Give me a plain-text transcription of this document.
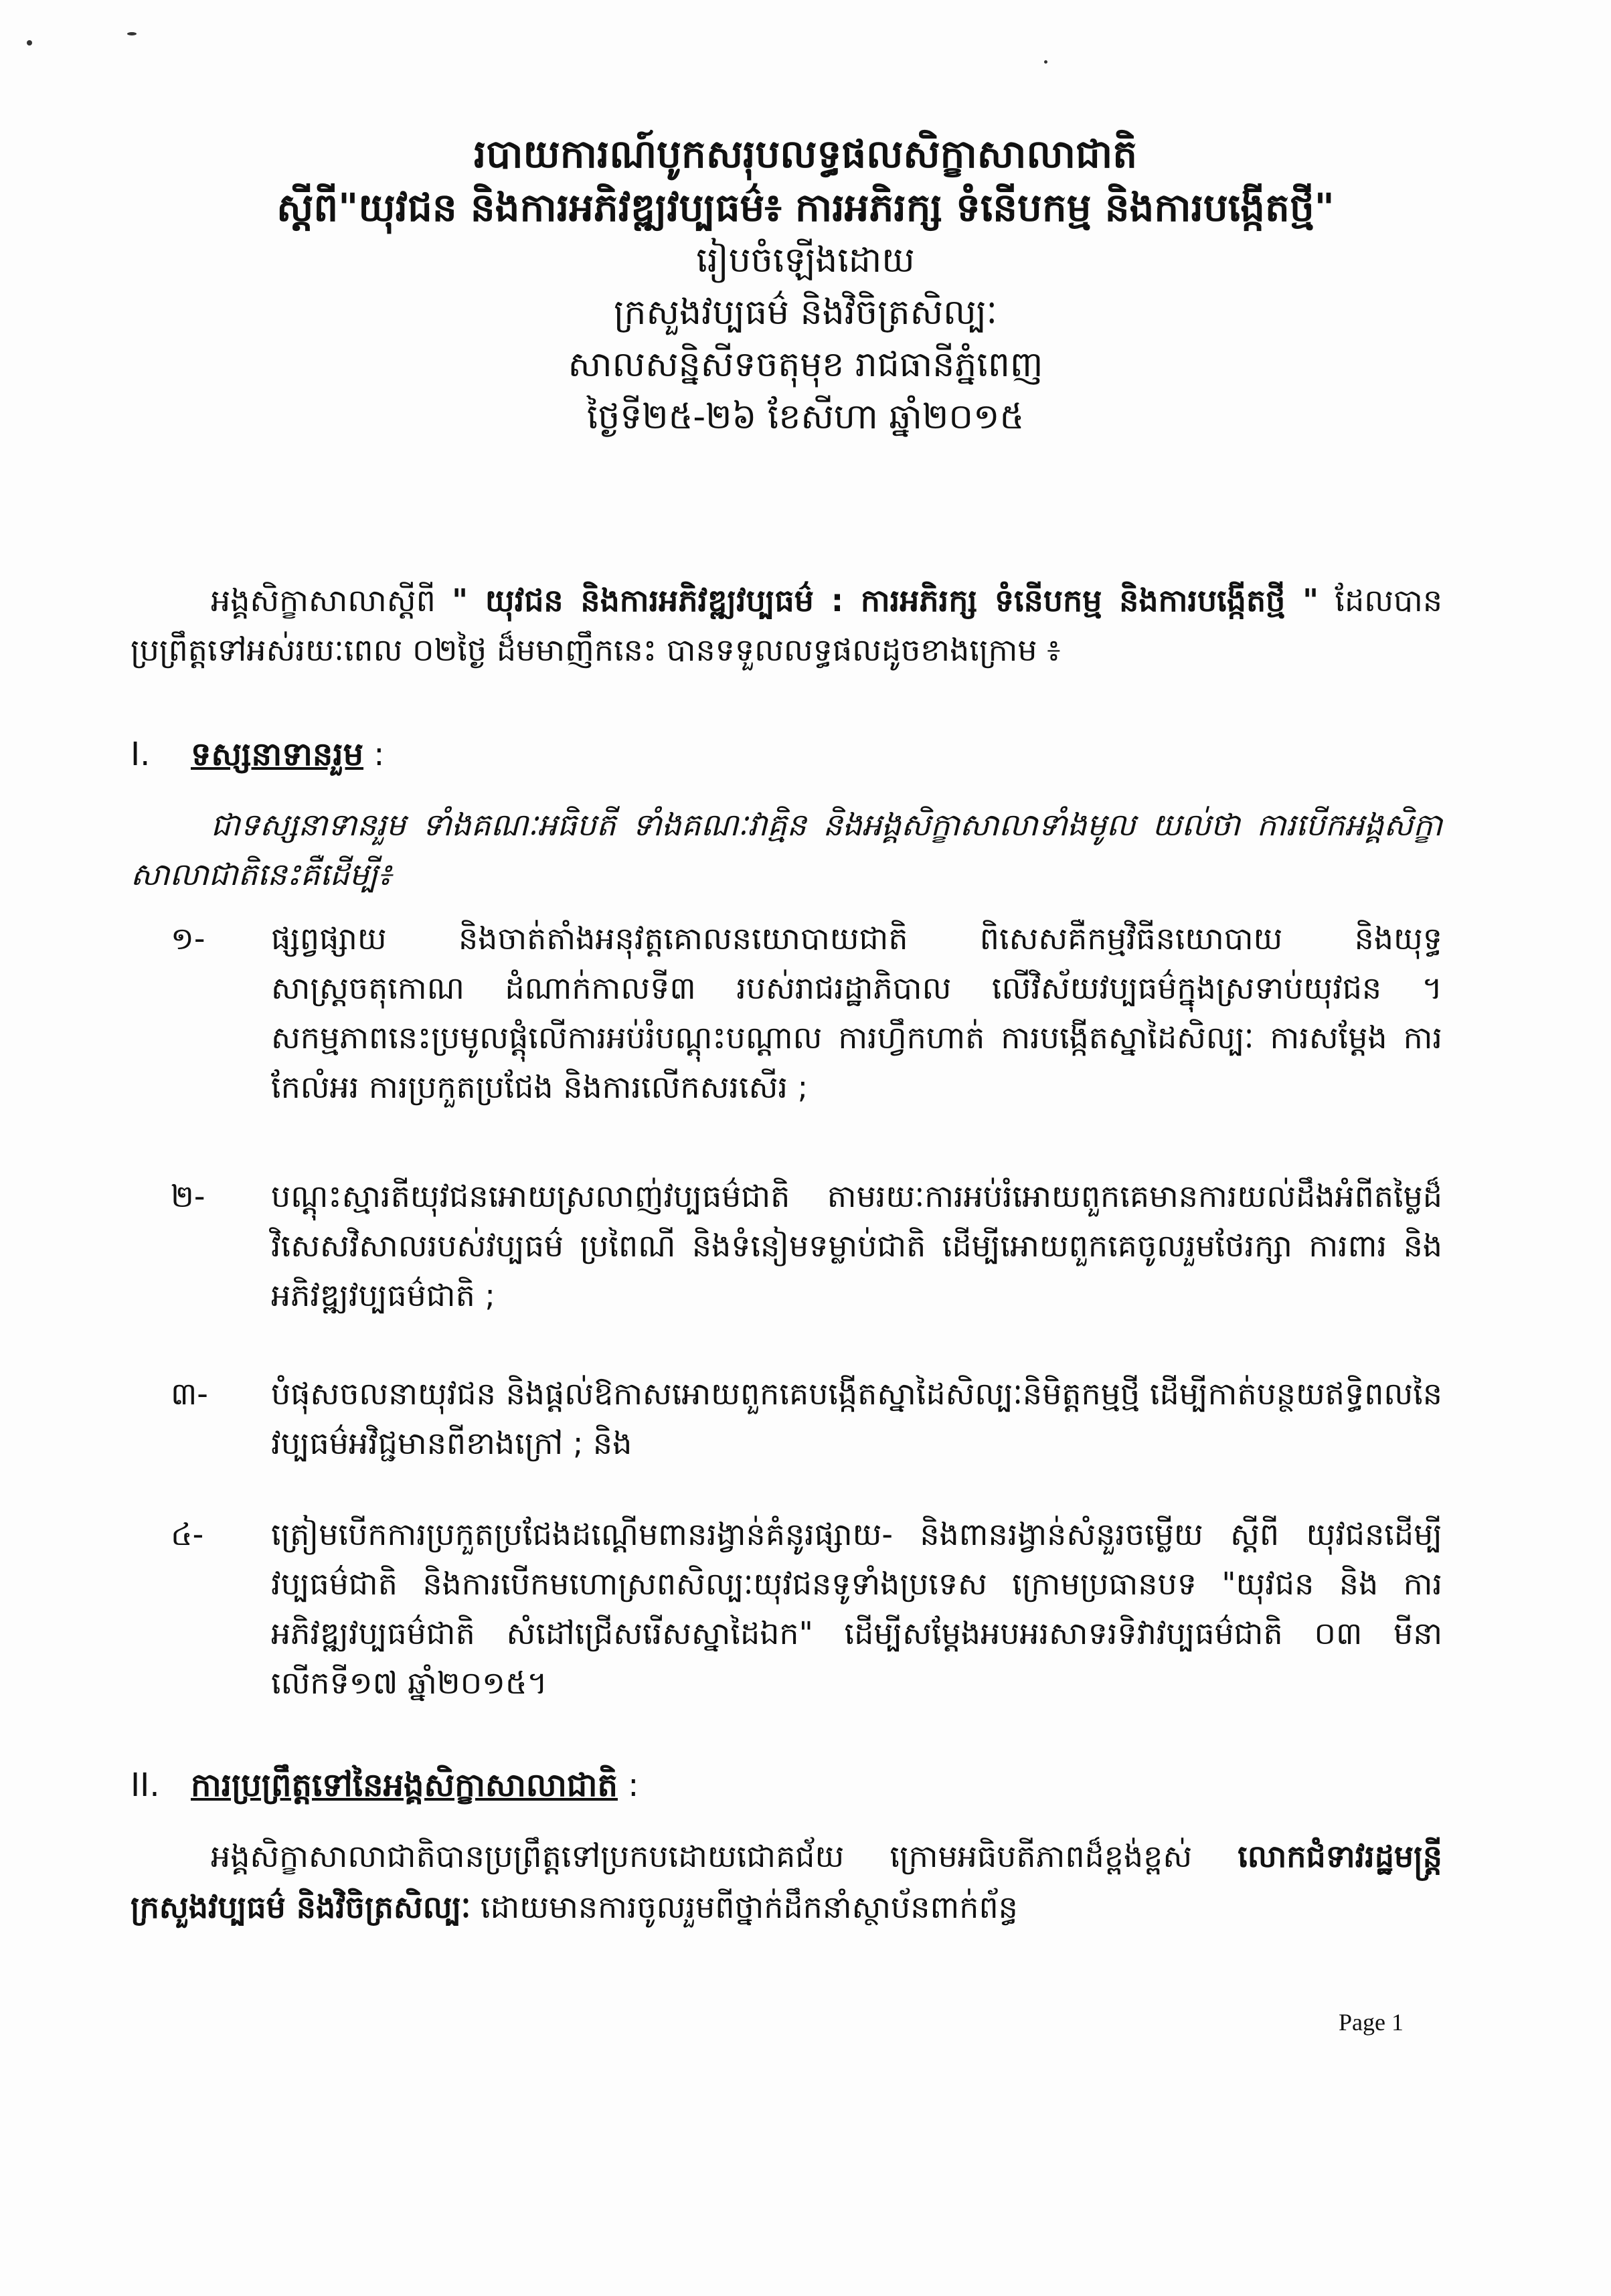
របាយការណ៍បូកសរុបលទ្ធផលសិក្ខាសាលាជាតិ
ស្ដីពី"យុវជន និងការអភិវឌ្ឍវប្បធម៌៖ ការអភិរក្ស ទំនើបកម្ម និងការបង្កើតថ្មី"
រៀបចំឡើងដោយ
ក្រសួងវប្បធម៌ និងវិចិត្រសិល្បៈ
សាលសន្និសីទចតុមុខ រាជធានីភ្នំពេញ
ថ្ងៃទី២៥-២៦ ខែសីហា ឆ្នាំ២០១៥
អង្គសិក្ខាសាលាស្ដីពី " យុវជន និងការអភិវឌ្ឍវប្បធម៌ : ការអភិរក្ស ទំនើបកម្ម និងការបង្កើតថ្មី " ដែលបានប្រព្រឹត្តទៅអស់រយៈពេល ០២ថ្ងៃ ដ៏មមាញឹកនេះ បានទទួលលទ្ធផលដូចខាងក្រោម ៖
I. ទស្សនាទានរួម :
ជាទស្សនាទានរួម ទាំងគណៈអធិបតី ទាំងគណៈវាគ្មិន និងអង្គសិក្ខាសាលាទាំងមូល យល់ថា ការបើកអង្គសិក្ខាសាលាជាតិនេះគឺដើម្បី៖
១-	ផ្សព្វផ្សាយ និងចាត់តាំងអនុវត្តគោលនយោបាយជាតិ ពិសេសគឺកម្មវិធីនយោបាយ និងយុទ្ធសាស្ត្រចតុកោណ ដំណាក់កាលទី៣ របស់រាជរដ្ឋាភិបាល លើវិស័យវប្បធម៌ក្នុងស្រទាប់យុវជន ។ សកម្មភាពនេះប្រមូលផ្ដុំលើការអប់រំបណ្ដុះបណ្ដាល ការហ្វឹកហាត់ ការបង្កើតស្នាដៃសិល្បៈ ការសម្ដែង ការកែលំអរ ការប្រកួតប្រជែង និងការលើកសរសើរ ;
២-	បណ្ដុះស្មារតីយុវជនអោយស្រលាញ់វប្បធម៌ជាតិ តាមរយៈការអប់រំអោយពួកគេមានការយល់ដឹងអំពីតម្លៃដ៏វិសេសវិសាលរបស់វប្បធម៌ ប្រពៃណី និងទំនៀមទម្លាប់ជាតិ ដើម្បីអោយពួកគេចូលរួមថែរក្សា ការពារ និងអភិវឌ្ឍវប្បធម៌ជាតិ ;
៣-	បំផុសចលនាយុវជន និងផ្ដល់ឱកាសអោយពួកគេបង្កើតស្នាដៃសិល្បៈនិមិត្តកម្មថ្មី ដើម្បីកាត់បន្ថយឥទ្ធិពលនៃវប្បធម៌អវិជ្ជមានពីខាងក្រៅ ; និង
៤-	ត្រៀមបើកការប្រកួតប្រជែងដណ្ដើមពានរង្វាន់គំនូរផ្សាយ- និងពានរង្វាន់សំនួរចម្លើយ ស្ដីពី យុវជនដើម្បីវប្បធម៌ជាតិ និងការបើកមហោស្រពសិល្បៈយុវជនទូទាំងប្រទេស ក្រោមប្រធានបទ "យុវជន និង ការអភិវឌ្ឍវប្បធម៌ជាតិ សំដៅជ្រើសរើសស្នាដៃឯក" ដើម្បីសម្ដែងអបអរសាទរទិវាវប្បធម៌ជាតិ ០៣ មីនា លើកទី១៧ ឆ្នាំ២០១៥។
II. ការប្រព្រឹត្តទៅនៃអង្គសិក្ខាសាលាជាតិ :
អង្គសិក្ខាសាលាជាតិបានប្រព្រឹត្តទៅប្រកបដោយជោគជ័យ ក្រោមអធិបតីភាពដ៏ខ្ពង់ខ្ពស់ លោកជំទាវរដ្ឋមន្ត្រីក្រសួងវប្បធម៌ និងវិចិត្រសិល្បៈ ដោយមានការចូលរួមពីថ្នាក់ដឹកនាំស្ថាប័នពាក់ព័ន្ធ
Page 1
